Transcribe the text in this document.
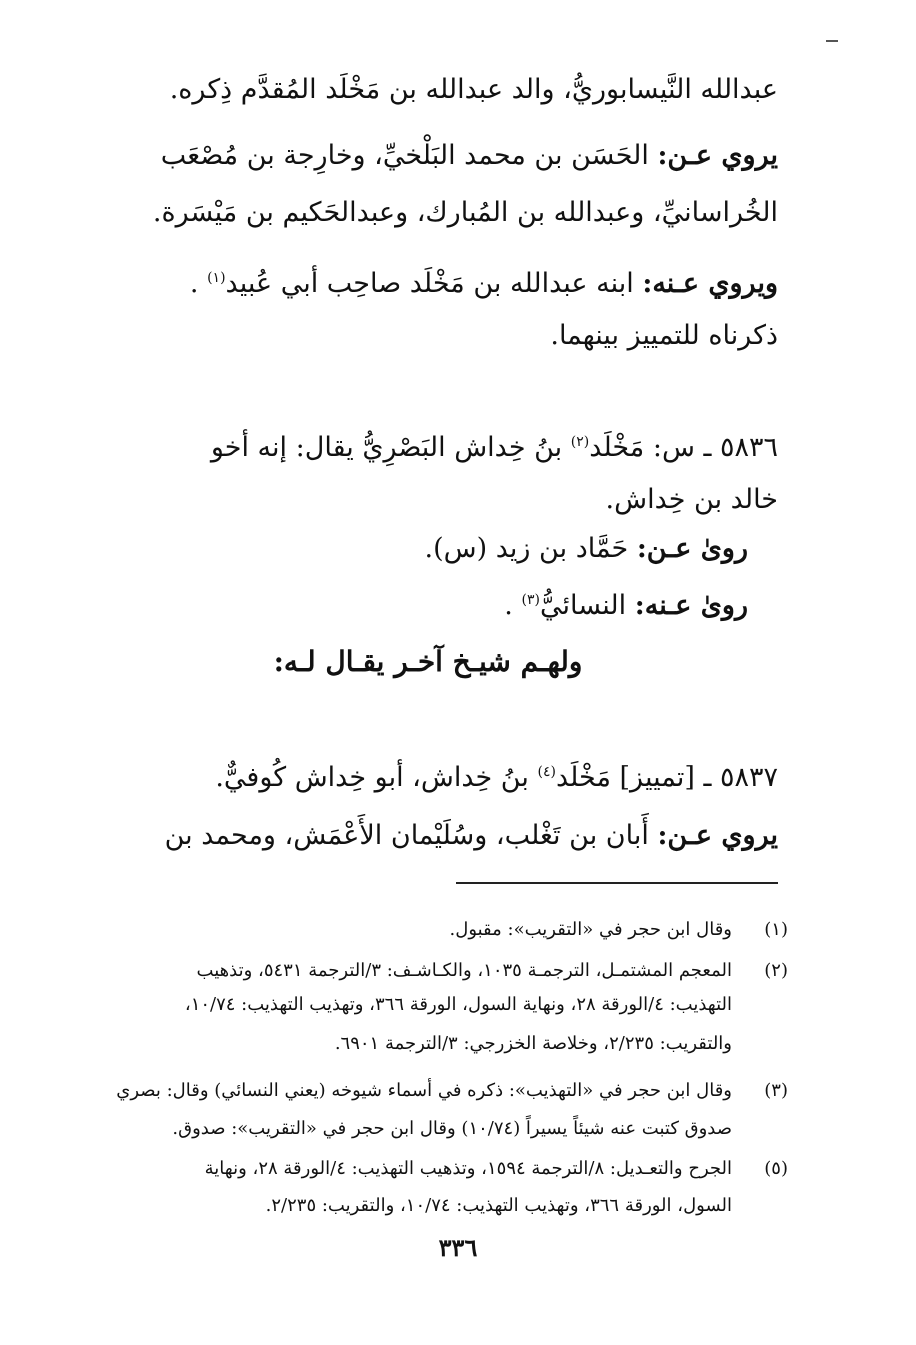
عبدالله النَّيسابوريُّ، والد عبدالله بن مَخْلَد المُقدَّم ذِكره.
يروي عـن: الحَسَن بن محمد البَلْخيِّ، وخارِجة بن مُصْعَب
الخُراسانيِّ، وعبدالله بن المُبارك، وعبدالحَكيم بن مَيْسَرة.
ويروي عـنه: ابنه عبدالله بن مَخْلَد صاحِب أبي عُبيد$^{(١)}$ .
ذكرناه للتمييز بينهما.
٥٨٣٦ ـ س: مَخْلَد$^{(٢)}$ بنُ خِداش البَصْرِيُّ يقال: إنه أخو
خالد بن خِداش.
روىٰ عـن: حَمَّاد بن زيد (س).
روىٰ عـنه: النسائيُّ$^{(٣)}$ .
ولهـم شيـخ آخـر يقـال لـه:
٥٨٣٧ ـ [تمييز] مَخْلَد$^{(٤)}$ بنُ خِداش، أبو خِداش كُوفيٌّ.
يروي عـن: أَبان بن تَغْلب، وسُلَيْمان الأَعْمَش، ومحمد بن
(١)
وقال ابن حجر في «التقريب»: مقبول.
(٢)
المعجم المشتمـل، الترجمـة ١٠٣٥، والكـاشـف: ٣/الترجمة ٥٤٣١، وتذهيب
التهذيب: ٤/الورقة ٢٨، ونهاية السول، الورقة ٣٦٦، وتهذيب التهذيب: ١٠/٧٤،
والتقريب: ٢/٢٣٥، وخلاصة الخزرجي: ٣/الترجمة ٦٩٠١.
(٣)
وقال ابن حجر في «التهذيب»: ذكره في أسماء شيوخه (يعني النسائي) وقال: بصري
صدوق كتبت عنه شيئاً يسيراً (١٠/٧٤) وقال ابن حجر في «التقريب»: صدوق.
(٥)
الجرح والتعـديل: ٨/الترجمة ١٥٩٤، وتذهيب التهذيب: ٤/الورقة ٢٨، ونهاية
السول، الورقة ٣٦٦، وتهذيب التهذيب: ١٠/٧٤، والتقريب: ٢/٢٣٥.
٣٣٦
